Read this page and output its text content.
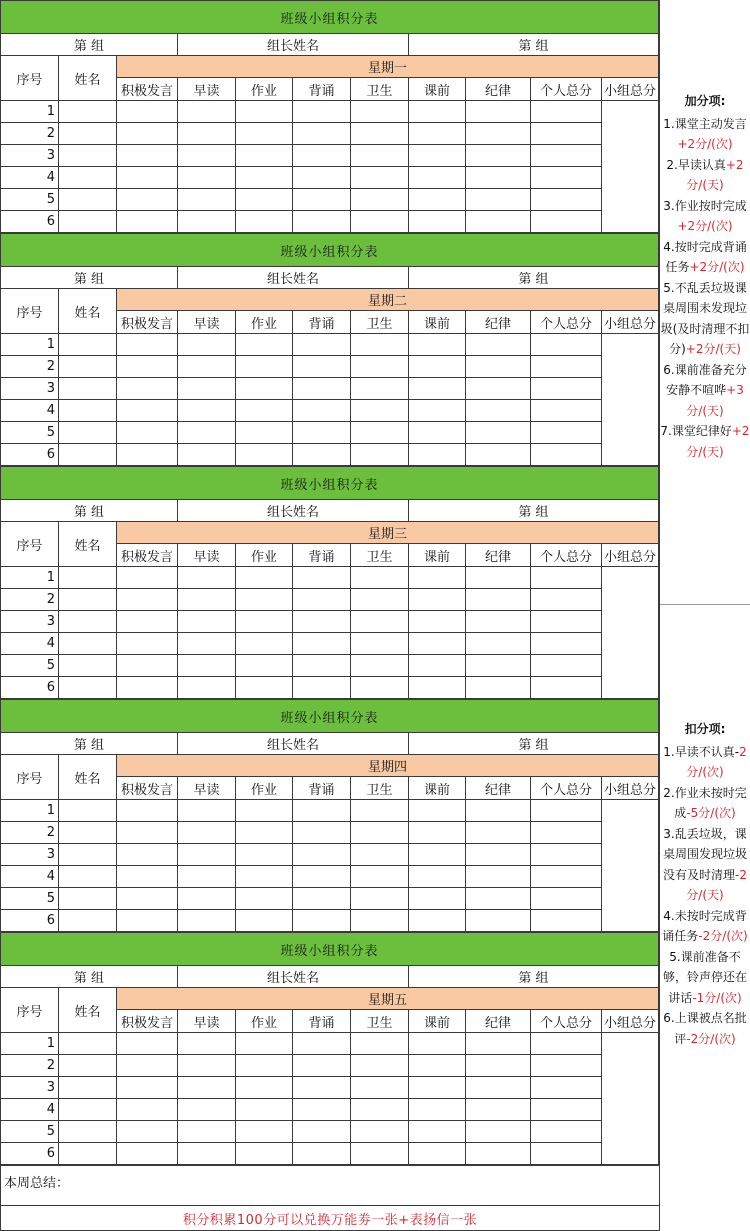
班级小组积分表										
第 组			组长姓名				第 组			
序号	姓名	星期一								
		积极发言	早读	作业	背诵	卫生	课前	纪律	个人总分	小组总分
1										
2										
3										
4										
5										
6										
班级小组积分表										
第 组			组长姓名				第 组			
序号	姓名	星期二								
		积极发言	早读	作业	背诵	卫生	课前	纪律	个人总分	小组总分
1										
2										
3										
4										
5										
6										
班级小组积分表										
第 组			组长姓名				第 组			
序号	姓名	星期三								
		积极发言	早读	作业	背诵	卫生	课前	纪律	个人总分	小组总分
1										
2										
3										
4										
5										
6										
班级小组积分表										
第 组			组长姓名				第 组			
序号	姓名	星期四								
		积极发言	早读	作业	背诵	卫生	课前	纪律	个人总分	小组总分
1										
2										
3										
4										
5										
6										
班级小组积分表										
第 组			组长姓名				第 组			
序号	姓名	星期五								
		积极发言	早读	作业	背诵	卫生	课前	纪律	个人总分	小组总分
1										
2										
3										
4										
5										
6										
本周总结：
积分积累100分可以兑换万能劵一张+表扬信一张
加分项:
1.课堂主动发言+2分/(次)
2.早读认真+2分/(天)
3.作业按时完成+2分/(次)
4.按时完成背诵任务+2分/(次)
5.不乱丢垃圾课桌周围未发现垃圾(及时清理不扣分)+2分/(天)
6.课前准备充分安静不喧哗+3分/(天)
7.课堂纪律好+2分/(天)
扣分项:
1.早读不认真-2分/(次)
2.作业未按时完成-5分/(次)
3.乱丢垃圾，课桌周围发现垃圾没有及时清理-2分/(天)
4.未按时完成背诵任务-2分/(次)
5.课前准备不够，铃声停还在讲话-1分/(次)
6.上课被点名批评-2分/(次)
